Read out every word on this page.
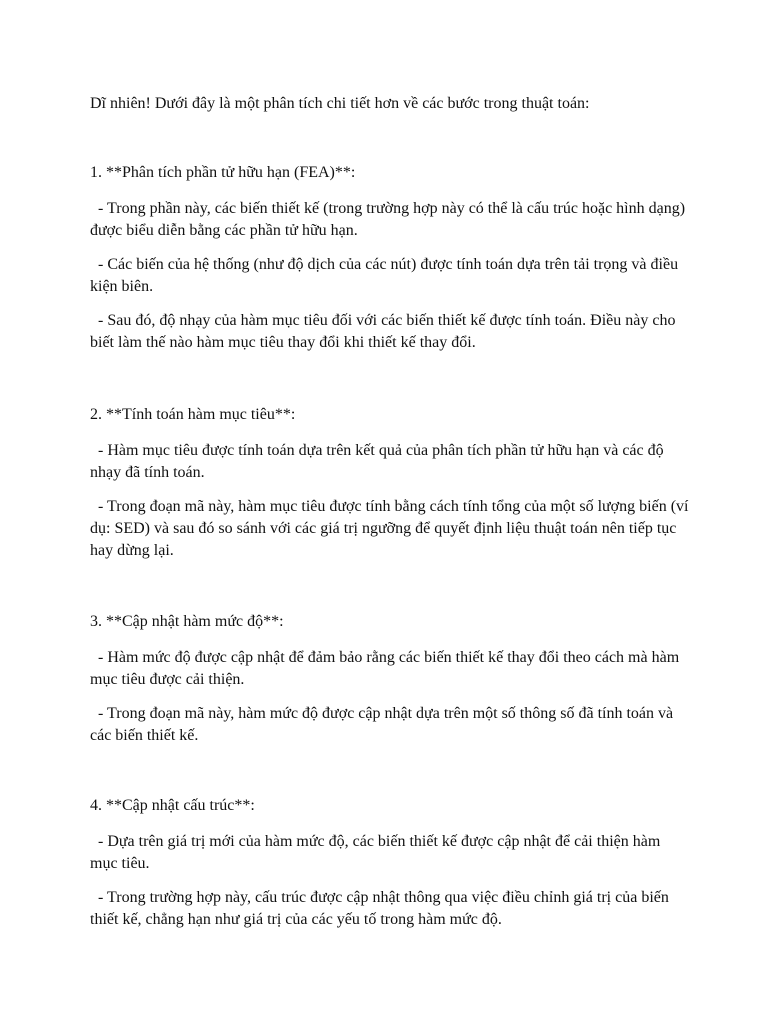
Dĩ nhiên! Dưới đây là một phân tích chi tiết hơn về các bước trong thuật toán:

1. **Phân tích phần tử hữu hạn (FEA)**:

- Trong phần này, các biến thiết kế (trong trường hợp này có thể là cấu trúc hoặc hình dạng) được biểu diễn bằng các phần tử hữu hạn.

- Các biến của hệ thống (như độ dịch của các nút) được tính toán dựa trên tải trọng và điều kiện biên.

- Sau đó, độ nhạy của hàm mục tiêu đối với các biến thiết kế được tính toán. Điều này cho biết làm thế nào hàm mục tiêu thay đổi khi thiết kế thay đổi.

2. **Tính toán hàm mục tiêu**:

- Hàm mục tiêu được tính toán dựa trên kết quả của phân tích phần tử hữu hạn và các độ nhạy đã tính toán.

- Trong đoạn mã này, hàm mục tiêu được tính bằng cách tính tổng của một số lượng biến (ví dụ: SED) và sau đó so sánh với các giá trị ngưỡng để quyết định liệu thuật toán nên tiếp tục hay dừng lại.

3. **Cập nhật hàm mức độ**:

- Hàm mức độ được cập nhật để đảm bảo rằng các biến thiết kế thay đổi theo cách mà hàm mục tiêu được cải thiện.

- Trong đoạn mã này, hàm mức độ được cập nhật dựa trên một số thông số đã tính toán và các biến thiết kế.

4. **Cập nhật cấu trúc**:

- Dựa trên giá trị mới của hàm mức độ, các biến thiết kế được cập nhật để cải thiện hàm mục tiêu.

- Trong trường hợp này, cấu trúc được cập nhật thông qua việc điều chỉnh giá trị của biến thiết kế, chẳng hạn như giá trị của các yếu tố trong hàm mức độ.
